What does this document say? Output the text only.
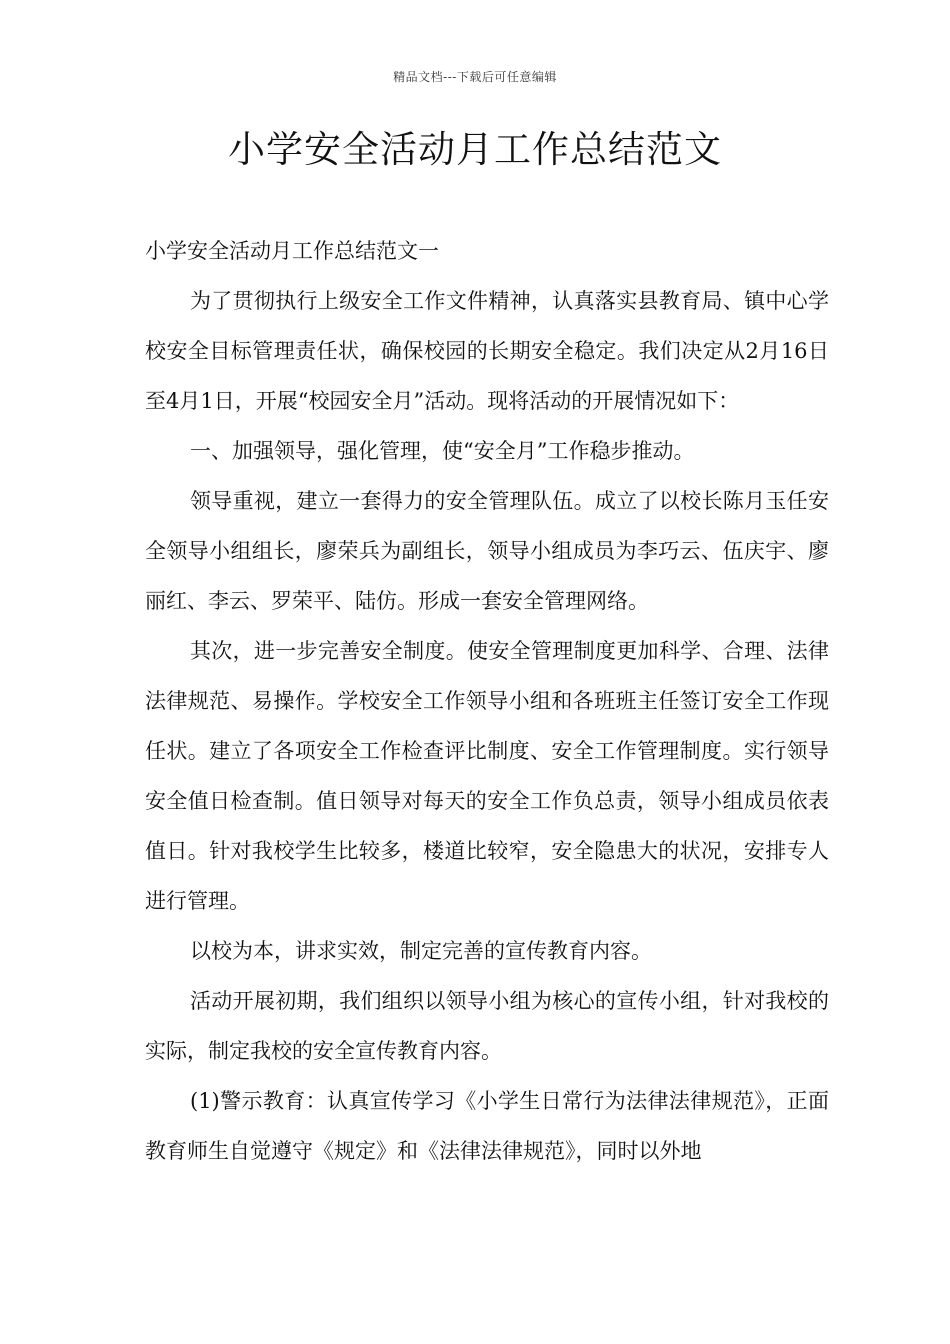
精品文档---下载后可任意编辑
小学安全活动月工作总结范文

小学安全活动月工作总结范文一

为了贯彻执行上级安全工作文件精神，认真落实县教育局、镇中心学校安全目标管理责任状，确保校园的长期安全稳定。我们决定从2月16日至4月1日，开展“校园安全月”活动。现将活动的开展情况如下：

一、加强领导，强化管理，使“安全月”工作稳步推动。

领导重视，建立一套得力的安全管理队伍。成立了以校长陈月玉任安全领导小组组长，廖荣兵为副组长，领导小组成员为李巧云、伍庆宇、廖丽红、李云、罗荣平、陆仿。形成一套安全管理网络。

其次，进一步完善安全制度。使安全管理制度更加科学、合理、法律法律规范、易操作。学校安全工作领导小组和各班班主任签订安全工作现任状。建立了各项安全工作检查评比制度、安全工作管理制度。实行领导安全值日检查制。值日领导对每天的安全工作负总责，领导小组成员依表值日。针对我校学生比较多，楼道比较窄，安全隐患大的状况，安排专人进行管理。

以校为本，讲求实效，制定完善的宣传教育内容。

活动开展初期，我们组织以领导小组为核心的宣传小组，针对我校的实际，制定我校的安全宣传教育内容。

(1)警示教育：认真宣传学习《小学生日常行为法律法律规范》，正面教育师生自觉遵守《规定》和《法律法律规范》，同时以外地
